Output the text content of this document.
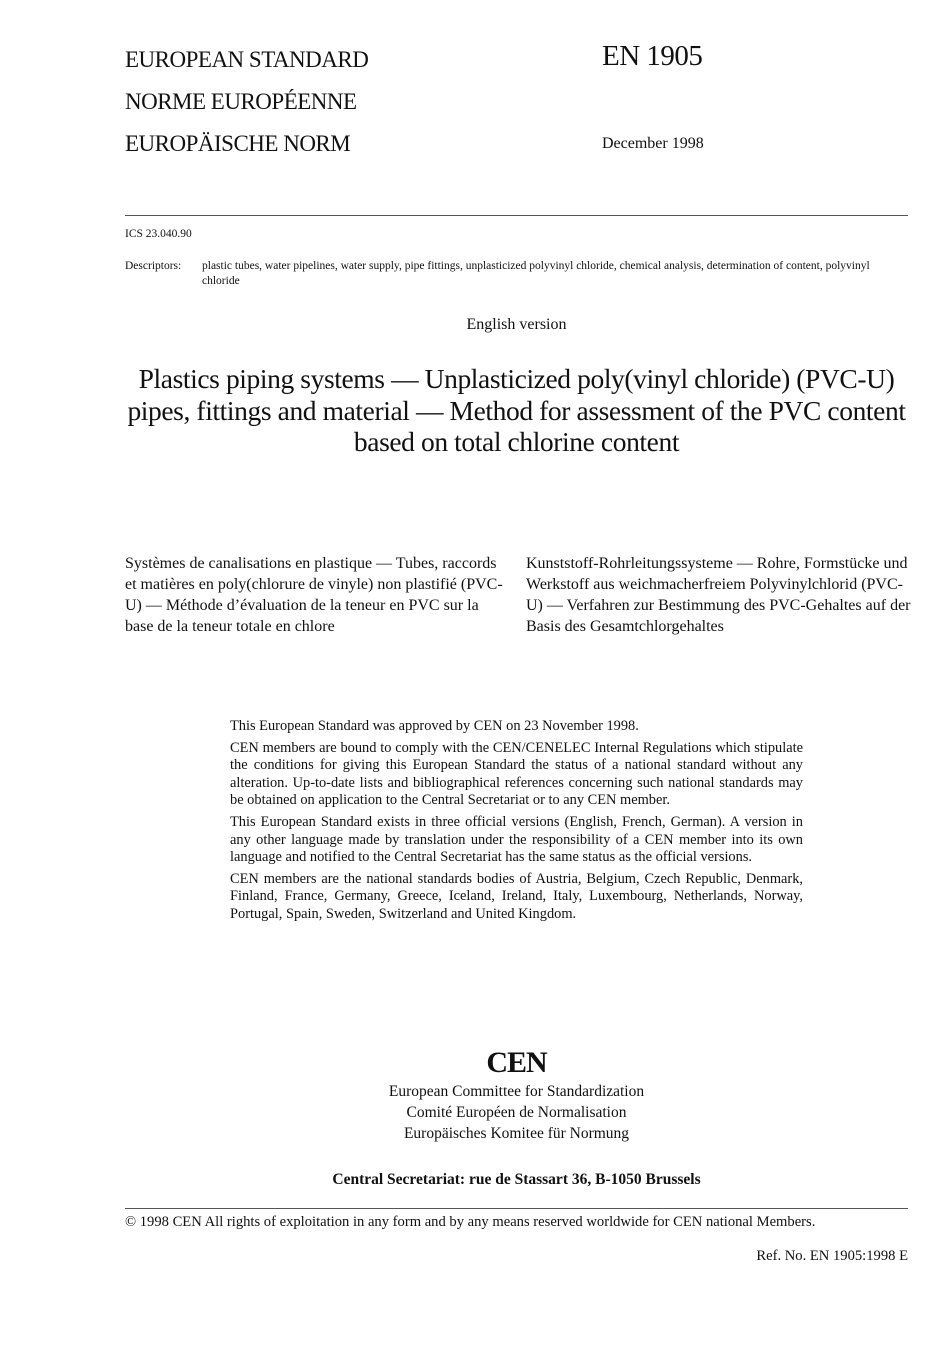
EUROPEAN STANDARD
NORME EUROPÉENNE
EUROPÄISCHE NORM
EN 1905
December 1998
ICS 23.040.90
Descriptors: plastic tubes, water pipelines, water supply, pipe fittings, unplasticized polyvinyl chloride, chemical analysis, determination of content, polyvinyl chloride
English version
Plastics piping systems — Unplasticized poly(vinyl chloride) (PVC-U) pipes, fittings and material — Method for assessment of the PVC content based on total chlorine content
Systèmes de canalisations en plastique — Tubes, raccords et matières en poly(chlorure de vinyle) non plastifié (PVC-U) — Méthode d’évaluation de la teneur en PVC sur la base de la teneur totale en chlore
Kunststoff-Rohrleitungssysteme — Rohre, Formstücke und Werkstoff aus weichmacherfreiem Polyvinylchlorid (PVC-U) — Verfahren zur Bestimmung des PVC-Gehaltes auf der Basis des Gesamtchlorgehaltes

This European Standard was approved by CEN on 23 November 1998.

CEN members are bound to comply with the CEN/CENELEC Internal Regulations which stipulate the conditions for giving this European Standard the status of a national standard without any alteration. Up-to-date lists and bibliographical references concerning such national standards may be obtained on application to the Central Secretariat or to any CEN member.

This European Standard exists in three official versions (English, French, German). A version in any other language made by translation under the responsibility of a CEN member into its own language and notified to the Central Secretariat has the same status as the official versions.

CEN members are the national standards bodies of Austria, Belgium, Czech Republic, Denmark, Finland, France, Germany, Greece, Iceland, Ireland, Italy, Luxembourg, Netherlands, Norway, Portugal, Spain, Sweden, Switzerland and United Kingdom.

CEN
European Committee for Standardization
Comité Européen de Normalisation
Europäisches Komitee für Normung
Central Secretariat: rue de Stassart 36, B-1050 Brussels
© 1998 CEN All rights of exploitation in any form and by any means reserved worldwide for CEN national Members.
Ref. No. EN 1905:1998 E
